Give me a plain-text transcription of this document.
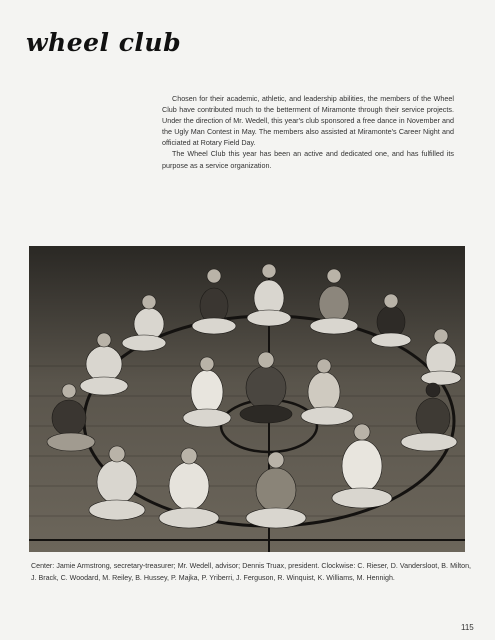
wheel club

Chosen for their academic, athletic, and leadership abilities, the members of the Wheel Club have contributed much to the betterment of Miramonte through their service projects. Under the direction of Mr. Wedell, this year's club sponsored a free dance in November and the Ugly Man Contest in May. The members also assisted at Miramonte's Career Night and officiated at Rotary Field Day.

The Wheel Club this year has been an active and dedicated one, and has fulfilled its purpose as a service organization.

Center: Jamie Armstrong, secretary-treasurer; Mr. Wedell, advisor; Dennis Truax, president. Clockwise: C. Rieser, D. Vandersloot, B. Milton, J. Brack, C. Woodard, M. Reiley, B. Hussey, P. Majka, P. Yriberri, J. Ferguson, R. Winquist, K. Williams, M. Hennigh.
115
